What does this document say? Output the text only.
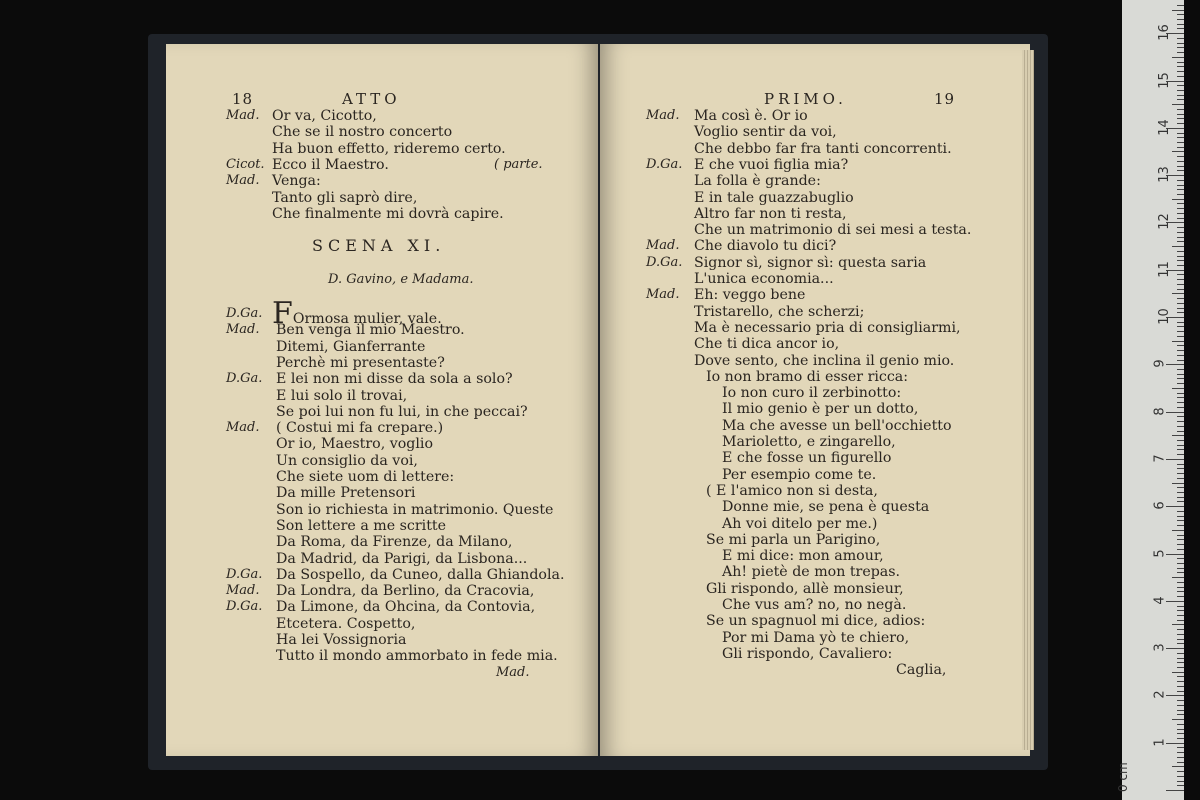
18	ATTO
Mad. Or va, Cicotto,
Che se il nostro concerto
Ha buon effetto, rideremo certo.
Cicot. Ecco il Maestro.	( parte.
Mad. Venga:
Tanto gli saprò dire,
Che finalmente mi dovrà capire.
SCENA XI.
D. Gavino, e Madama.
D.Ga. FOrmosa mulier, vale.
Mad. Ben venga il mio Maestro.
Ditemi, Gianferrante
Perchè mi presentaste?
D.Ga. E lei non mi disse da sola a solo?
E lui solo il trovai,
Se poi lui non fu lui, in che peccai?
Mad. ( Costui mi fa crepare.)
Or io, Maestro, voglio
Un consiglio da voi,
Che siete uom di lettere:
Da mille Pretensori
Son io richiesta in matrimonio. Queste
Son lettere a me scritte
Da Roma, da Firenze, da Milano,
Da Madrid, da Parigi, da Lisbona...
D.Ga. Da Sospello, da Cuneo, dalla Ghiandola.
Mad. Da Londra, da Berlino, da Cracovia,
D.Ga. Da Limone, da Ohcina, da Contovia,
Etcetera. Cospetto,
Ha lei Vossignoria
Tutto il mondo ammorbato in fede mia.
Mad.
PRIMO.	19
Mad. Ma così è. Or io
Voglio sentir da voi,
Che debbo far fra tanti concorrenti.
D.Ga. E che vuoi figlia mia?
La folla è grande:
E in tale guazzabuglio
Altro far non ti resta,
Che un matrimonio di sei mesi a testa.
Mad. Che diavolo tu dici?
D.Ga. Signor sì, signor sì: questa saria
L'unica economia...
Mad. Eh: veggo bene
Tristarello, che scherzi;
Ma è necessario pria di consigliarmi,
Che ti dica ancor io,
Dove sento, che inclina il genio mio.
Io non bramo di esser ricca:
Io non curo il zerbinotto:
Il mio genio è per un dotto,
Ma che avesse un bell'occhietto
Marioletto, e zingarello,
E che fosse un figurello
Per esempio come te.
( E l'amico non si desta,
Donne mie, se pena è questa
Ah voi ditelo per me.)
Se mi parla un Parigino,
E mi dice: mon amour,
Ah! pietè de mon trepas.
Gli rispondo, allè monsieur,
Che vus am? no, no negà.
Se un spagnuol mi dice, adios:
Por mi Dama yò te chiero,
Gli rispondo, Cavaliero:
Caglia,
1
2
3
4
5
6
7
8
9
10
11
12
13
14
15
16
0 cm
